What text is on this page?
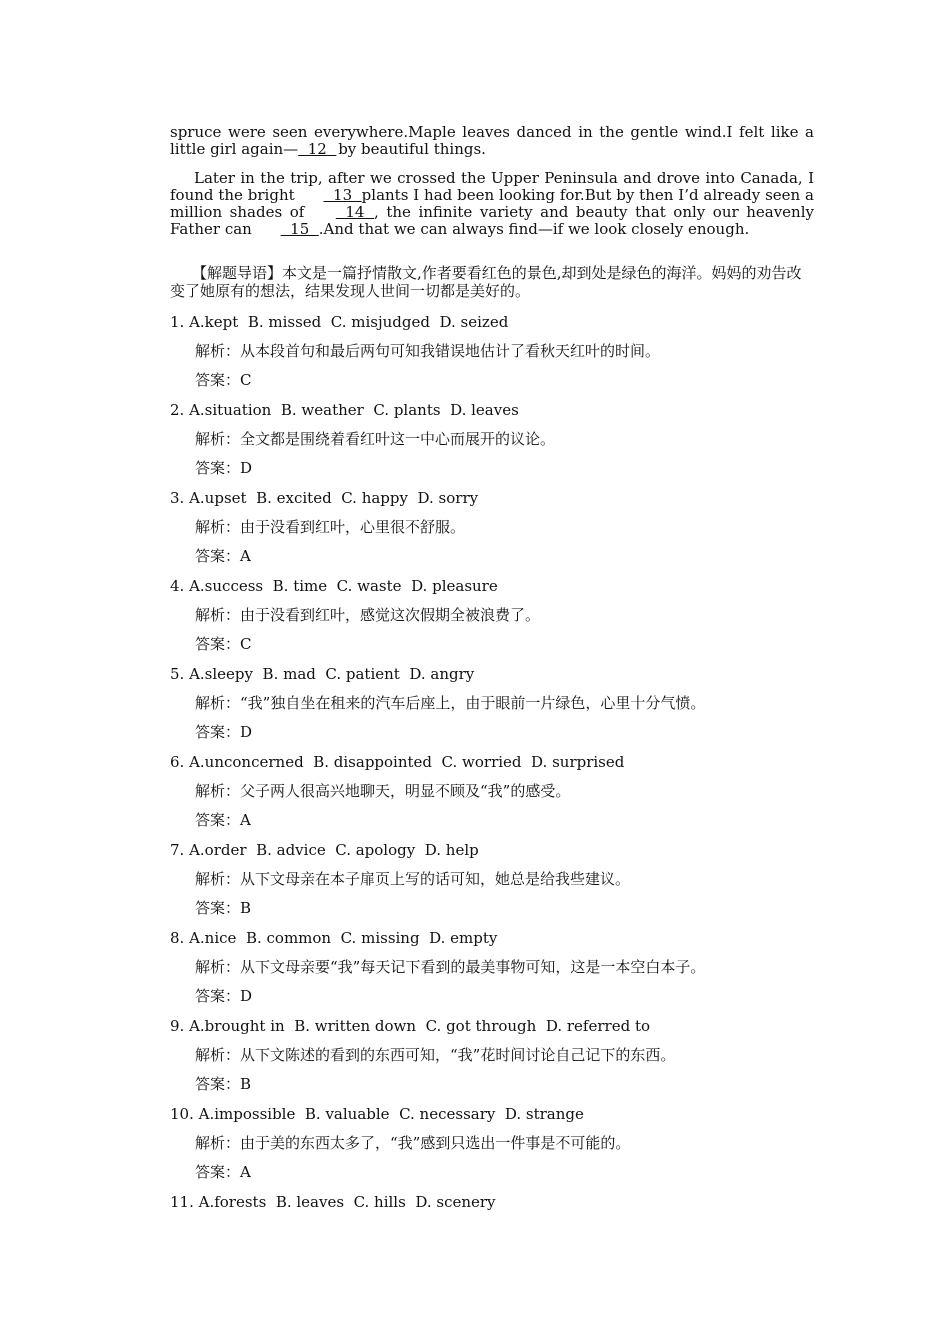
spruce were seen everywhere.Maple leaves danced in the gentle wind.I felt like a little girl again—  12  by beautiful things.

Later in the trip, after we crossed the Upper Peninsula and drove into Canada, I found the bright   13  plants I had been looking for.But by then I’d already seen a million shades of   14  , the infinite variety and beauty that only our heavenly Father can   15  .And that we can always find—if we look closely enough.

【解题导语】本文是一篇抒情散文,作者要看红色的景色,却到处是绿色的海洋。妈妈的劝告改变了她原有的想法，结果发现人世间一切都是美好的。
1. A.kept  B. missed  C. misjudged  D. seized
解析：从本段首句和最后两句可知我错误地估计了看秋天红叶的时间。
答案：C
2. A.situation  B. weather  C. plants  D. leaves
解析：全文都是围绕着看红叶这一中心而展开的议论。
答案：D
3. A.upset  B. excited  C. happy  D. sorry
解析：由于没看到红叶，心里很不舒服。
答案：A
4. A.success  B. time  C. waste  D. pleasure
解析：由于没看到红叶，感觉这次假期全被浪费了。
答案：C
5. A.sleepy  B. mad  C. patient  D. angry
解析：“我”独自坐在租来的汽车后座上，由于眼前一片绿色，心里十分气愤。
答案：D
6. A.unconcerned  B. disappointed  C. worried  D. surprised
解析：父子两人很高兴地聊天，明显不顾及“我”的感受。
答案：A
7. A.order  B. advice  C. apology  D. help
解析：从下文母亲在本子扉页上写的话可知，她总是给我些建议。
答案：B
8. A.nice  B. common  C. missing  D. empty
解析：从下文母亲要“我”每天记下看到的最美事物可知，这是一本空白本子。
答案：D
9. A.brought in  B. written down  C. got through  D. referred to
解析：从下文陈述的看到的东西可知，“我”花时间讨论自己记下的东西。
答案：B
10. A.impossible  B. valuable  C. necessary  D. strange
解析：由于美的东西太多了，“我”感到只选出一件事是不可能的。
答案：A
11. A.forests  B. leaves  C. hills  D. scenery
